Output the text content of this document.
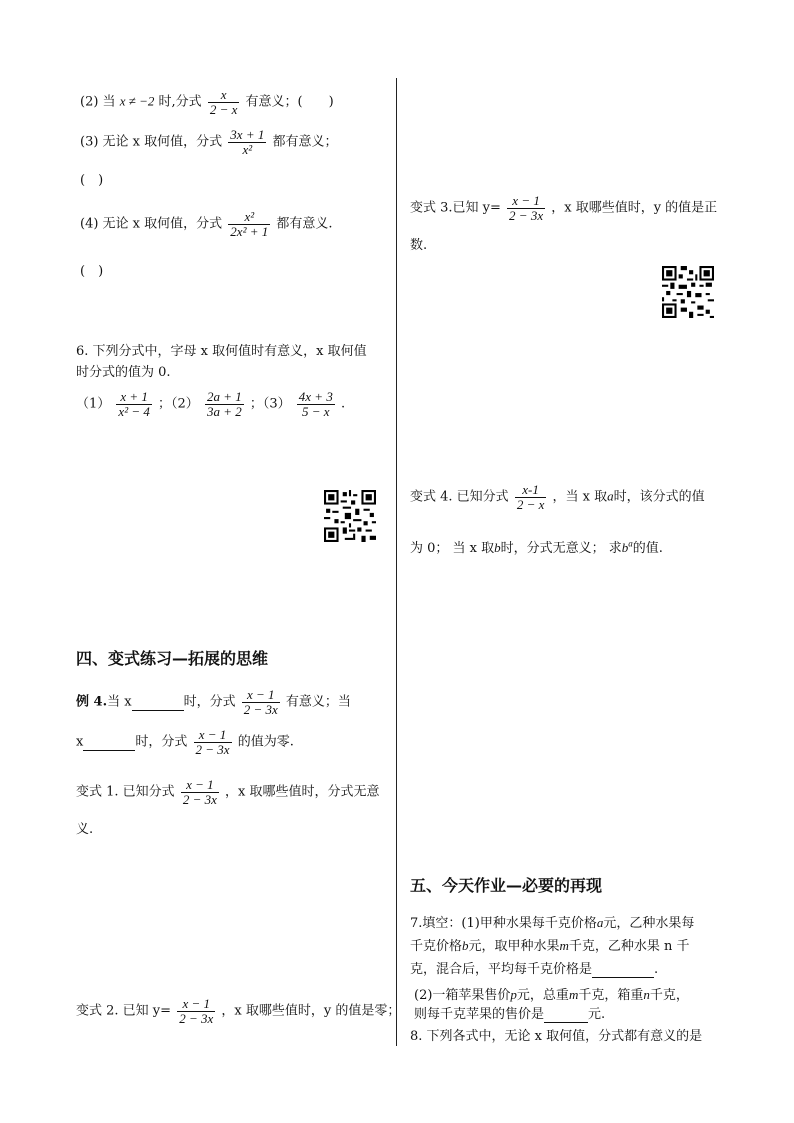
(2) 当 x ≠ −2 时,分式 $\frac{x}{2 - x}$ 有意义；(　　)
(3) 无论 x 取何值，分式 $\frac{3x + 1}{\text{x²}}$ 都有意义；
(　)
(4) 无论 x 取何值，分式 $\frac{\text{x²}}{\text{2x² + 1}}$ 都有意义.
(　)
6. 下列分式中，字母 x 取何值时有意义，x 取何值
时分式的值为 0.
$(1) \frac{x + 1}{\text{x² − 4}}$ ；$(2) \frac{2a + 1}{3a + 2}$ ；$(3) \frac{4x + 3}{5 - x}$ .
四、变式练习—拓展的思维
例 4.当 x	时，分式 $\frac{x - 1}{2 - 3x}$ 有意义；当
x	时，分式 $\frac{x - 1}{2 - 3x}$ 的值为零.
变式 1. 已知分式 $\frac{x - 1}{2 - 3x}$ ，x 取哪些值时，分式无意
义.
变式 2. 已知 $y= \frac{x - 1}{2 - 3x}$ ，x 取哪些值时，y 的值是零；
变式 3.已知 $y= \frac{x - 1}{2 - 3x}$ ，x 取哪些值时，y 的值是正
数.
变式 4. 已知分式 $\frac{x-1}{2 - x}$ ，当 x 取a时，该分式的值
为 0； 当 x 取b时，分式无意义； 求$b^a$的值.
五、今天作业—必要的再现
7.填空：(1)甲种水果每千克价格a元，乙种水果每
千克价格b元，取甲种水果m千克，乙种水果 n 千
克，混合后，平均每千克价格是	.
(2)一箱苹果售价p元，总重m千克，箱重n千克，
则每千克苹果的售价是	元.
8. 下列各式中，无论 x 取何值，分式都有意义的是
